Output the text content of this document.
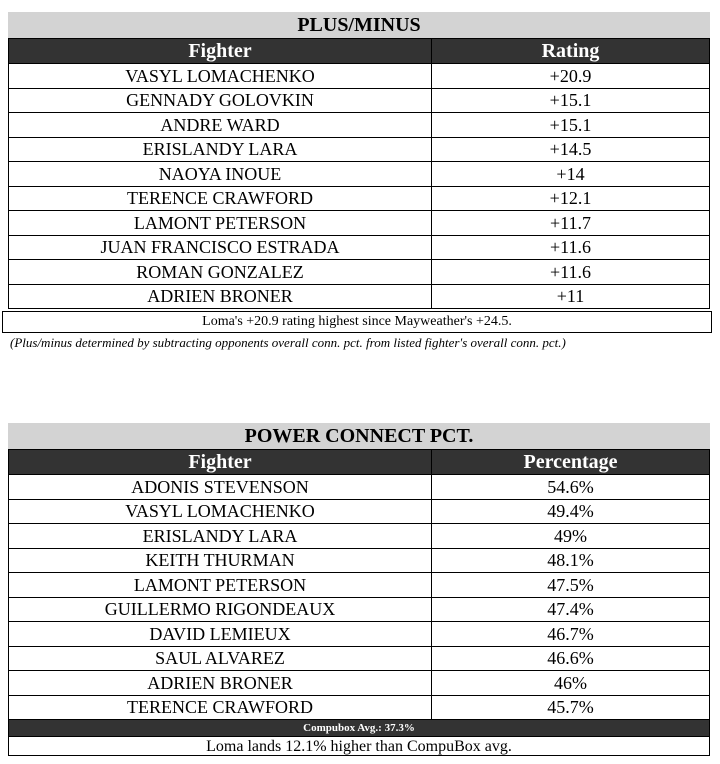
PLUS/MINUS
Fighter	Rating
VASYL LOMACHENKO	+20.9
GENNADY GOLOVKIN	+15.1
ANDRE WARD	+15.1
ERISLANDY LARA	+14.5
NAOYA INOUE	+14
TERENCE CRAWFORD	+12.1
LAMONT PETERSON	+11.7
JUAN FRANCISCO ESTRADA	+11.6
ROMAN GONZALEZ	+11.6
ADRIEN BRONER	+11
Loma's +20.9 rating highest since Mayweather's +24.5.
(Plus/minus determined by subtracting opponents overall conn. pct. from listed fighter's overall conn. pct.)
POWER CONNECT PCT.
Fighter	Percentage
ADONIS STEVENSON	54.6%
VASYL LOMACHENKO	49.4%
ERISLANDY LARA	49%
KEITH THURMAN	48.1%
LAMONT PETERSON	47.5%
GUILLERMO RIGONDEAUX	47.4%
DAVID LEMIEUX	46.7%
SAUL ALVAREZ	46.6%
ADRIEN BRONER	46%
TERENCE CRAWFORD	45.7%
Compubox Avg.: 37.3%
Loma lands 12.1% higher than CompuBox avg.
